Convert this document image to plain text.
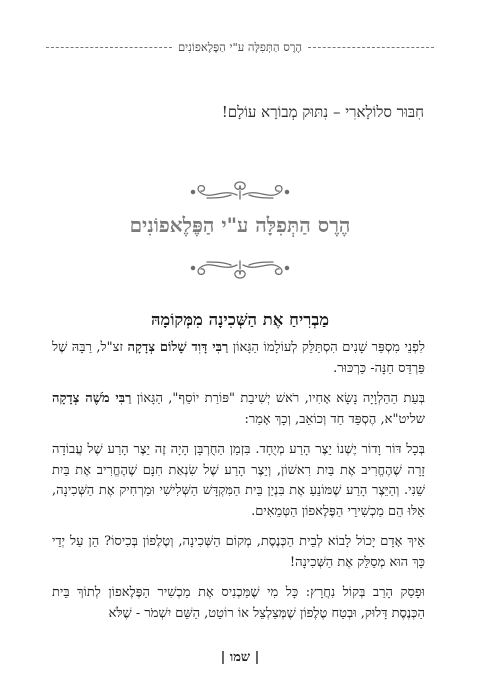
הֶרֶס הַתְּפִלָּה ע"י הַפֶּלֶאפוֹנִים
חִבּוּר סלוֹלָארִי – נִתּוּק מְבוֹרָא עוֹלָם!
הֶרֶס הַתְּפִלָּה ע"י הַפֶּלֶאפוֹנִים
מַבְרִיחַ אֶת הַשְּׁכִינָה מִמְּקוֹמָהּ

לִפְנֵי מִסְפַּר שָׁנִים הִסְתַּלֵּק לְעוֹלָמוֹ הַגָּאוֹן רַבִּי דָּוִד שָׁלוֹם צְדָקָה זצ"ל, רַבָּהּ שֶׁל פַּרְדֵּס חַנָּה- כַּרְכּוּר.

בְּעֵת הַהַלְוָיָה נָשָׂא אָחִיו, רֹאשׁ יְשִׁיבַת "פּוֹרַת יוֹסֵף", הַגָּאוֹן רַבִּי מֹשֶׁה צְדָקָה שליט"א, הֶסְפֵּד חַד וְכוֹאֵב, וְכָךְ אָמַר:

בְּכָל דּוֹר וָדוֹר יֶשְׁנוֹ יֵצֶר הָרַע מְיֻחָד. בִּזְמַן הַחֻרְבָּן הָיָה זֶה יֵצֶר הָרַע שֶׁל עֲבוֹדָה זָרָה שֶׁהֶחֱרִיב אֶת בַּיִת רִאשׁוֹן, וְיֵצֶר הָרַע שֶׁל שִׂנְאַת חִנָּם שֶׁהֶחֱרִיב אֶת בַּיִת שֵׁנִי. וְהַיֵּצֶר הָרַע שֶׁמּוֹנֵעַ אֶת בִּנְיַן בֵּית הַמִּקְדָּשׁ הַשְּׁלִישִׁי וּמַרְחִיק אֶת הַשְּׁכִינָה, אֵלּוּ הֵם מַכְשִׁירֵי הַפֶּלֶאפוֹן הַטְּמֵאִים.

אֵיךְ אָדָם יָכוֹל לָבוֹא לְבֵית הַכְּנֶסֶת, מְקוֹם הַשְּׁכִינָה, וְטֶלֶפוֹן בְּכִיסוֹ? הֵן עַל יְדֵי כָּךְ הוּא מְסַלֵּק אֶת הַשְּׁכִינָה!

וּפָסַק הָרַב בְּקוֹל נִחֲרָץ: כָּל מִי שֶׁמַּכְנִיס אֶת מַכְשִׁיר הַפֶּלֶאפוֹן לְתוֹךְ בֵּית הַכְּנֶסֶת דָּלוּק, וּבְטַח טֶלֶפוֹן שֶׁמְּצַלְצֵל אוֹ רוֹטֵט, הַשֵּׁם יִשְׁמֹר - שֶׁלֹּא

| שמו |
